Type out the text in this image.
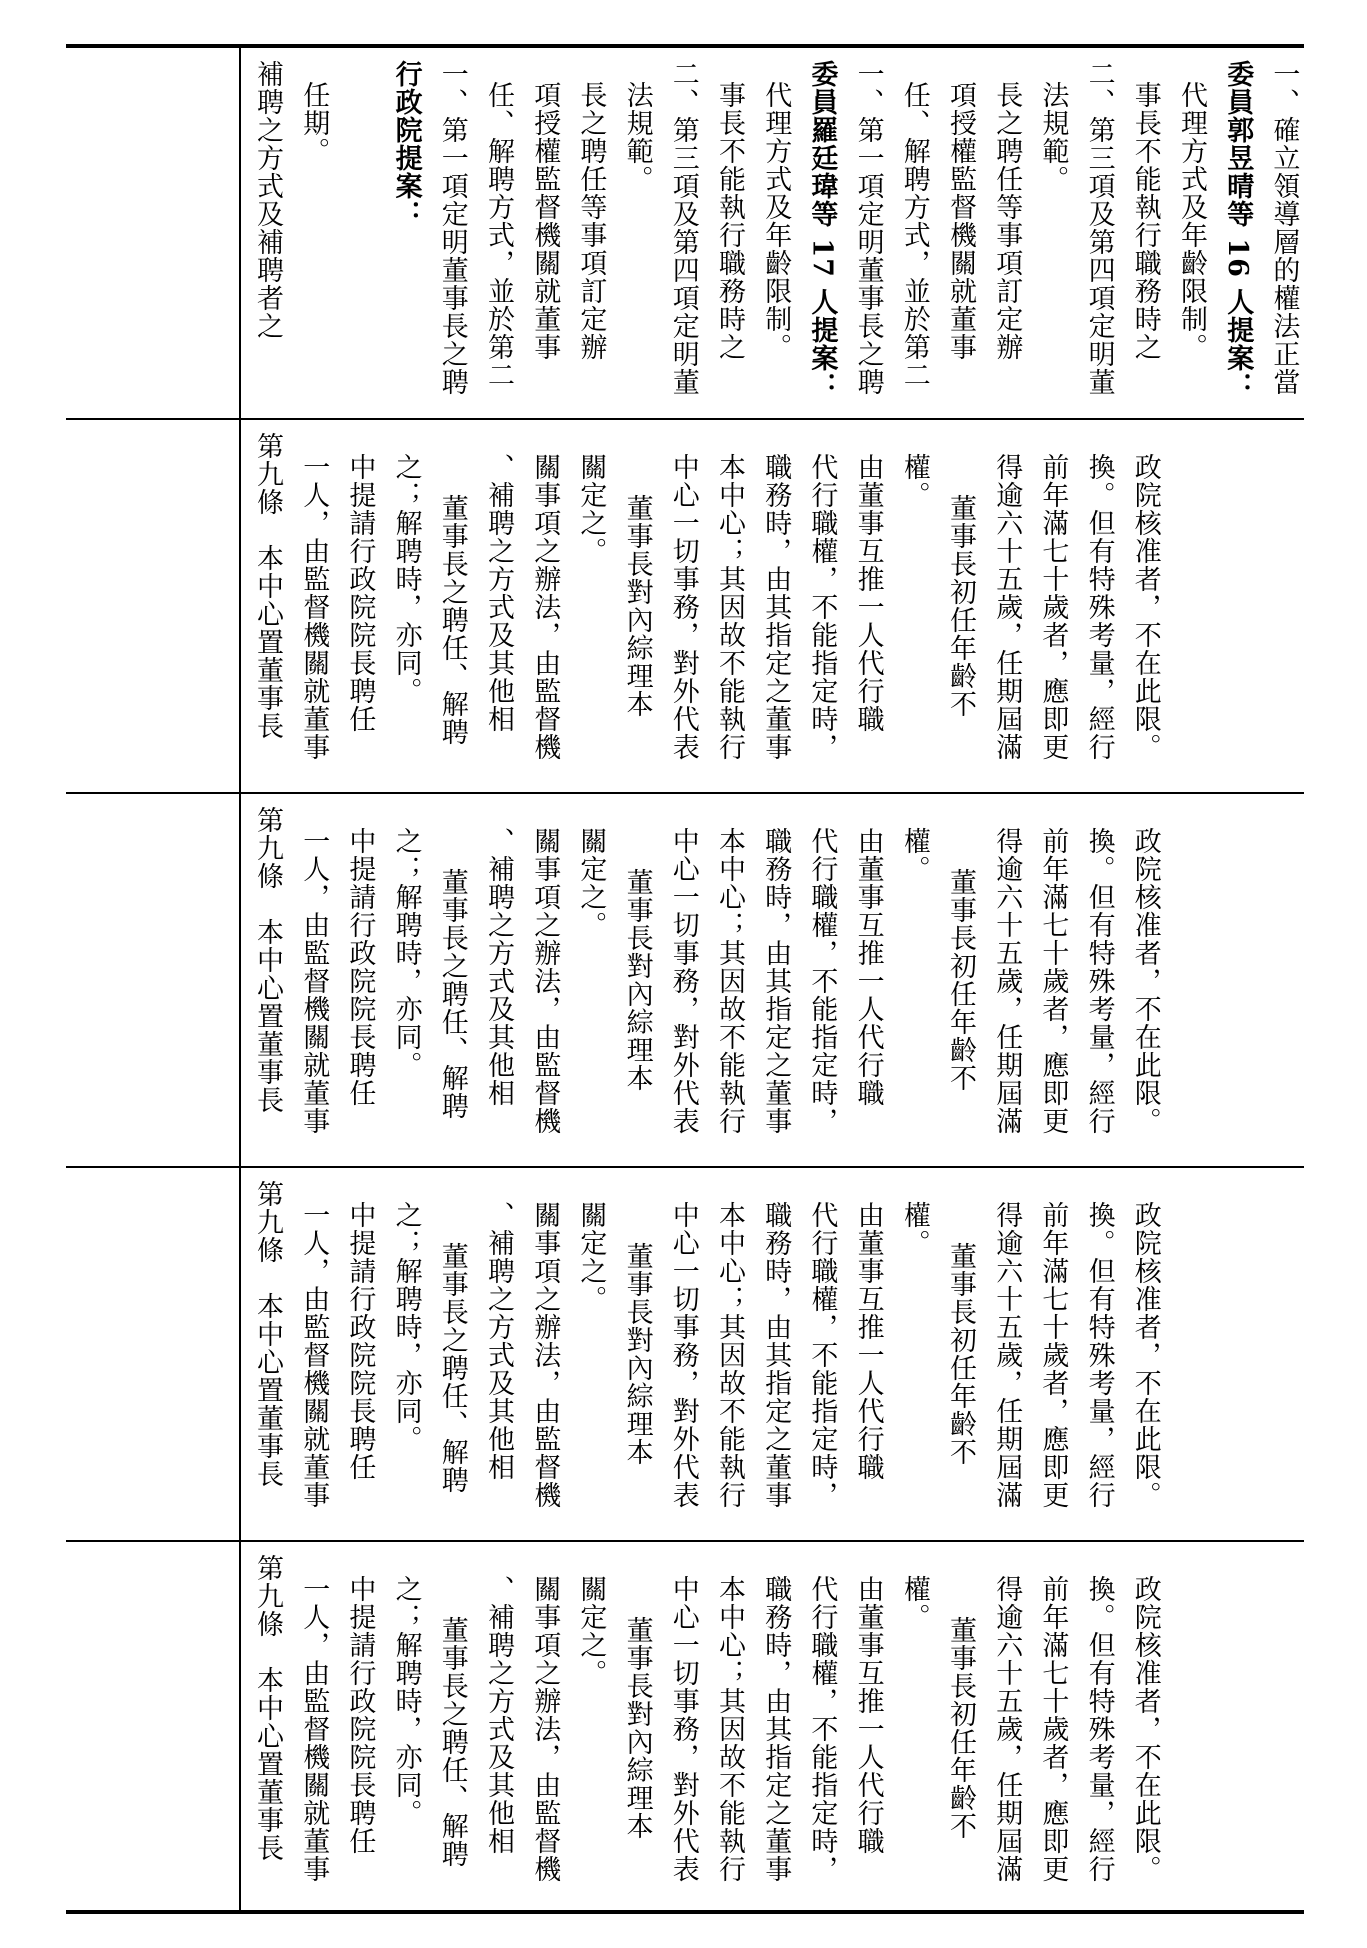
補聘之方式及補聘者之 任期。 行政院提案： 一、第一項定明董事長之聘 任、解聘方式，並於第二 項授權監督機關就董事 長之聘任等事項訂定辦 法規範。 二、第三項及第四項定明董 事長不能執行職務時之 代理方式及年齡限制。 委員羅廷瑋等 17 人提案： 一、第一項定明董事長之聘 任、解聘方式，並於第二 項授權監督機關就董事 長之聘任等事項訂定辦 法規範。 二、第三項及第四項定明董 事長不能執行職務時之 代理方式及年齡限制。 委員郭昱晴等 16 人提案： 一、確立領導層的權法正當
第九條　本中心置董事長 一人，由監督機關就董事 中提請行政院院長聘任 之；解聘時，亦同。 董事長之聘任、解聘 、補聘之方式及其他相 關事項之辦法，由監督機 關定之。 董事長對內綜理本 中心一切事務，對外代表 本中心；其因故不能執行 職務時，由其指定之董事 代行職權，不能指定時， 由董事互推一人代行職 權。
董事長初任年齡不 得逾六十五歲，任期屆滿 前年滿七十歲者，應即更 換。但有特殊考量，經行 政院核准者，不在此限。
第九條　本中心置董事長 一人，由監督機關就董事 中提請行政院院長聘任 之；解聘時，亦同。 董事長之聘任、解聘 、補聘之方式及其他相 關事項之辦法，由監督機 關定之。 董事長對內綜理本 中心一切事務，對外代表 本中心；其因故不能執行 職務時，由其指定之董事 代行職權，不能指定時， 由董事互推一人代行職 權。
董事長初任年齡不 得逾六十五歲，任期屆滿 前年滿七十歲者，應即更 換。但有特殊考量，經行 政院核准者，不在此限。
第九條　本中心置董事長 一人，由監督機關就董事 中提請行政院院長聘任 之；解聘時，亦同。 董事長之聘任、解聘 、補聘之方式及其他相 關事項之辦法，由監督機 關定之。 董事長對內綜理本 中心一切事務，對外代表 本中心；其因故不能執行 職務時，由其指定之董事 代行職權，不能指定時， 由董事互推一人代行職 權。
董事長初任年齡不 得逾六十五歲，任期屆滿 前年滿七十歲者，應即更 換。但有特殊考量，經行 政院核准者，不在此限。
第九條　本中心置董事長 一人，由監督機關就董事 中提請行政院院長聘任 之；解聘時，亦同。 董事長之聘任、解聘 、補聘之方式及其他相 關事項之辦法，由監督機 關定之。 董事長對內綜理本 中心一切事務，對外代表 本中心；其因故不能執行 職務時，由其指定之董事 代行職權，不能指定時， 由董事互推一人代行職 權。
董事長初任年齡不 得逾六十五歲，任期屆滿 前年滿七十歲者，應即更 換。但有特殊考量，經行 政院核准者，不在此限。
